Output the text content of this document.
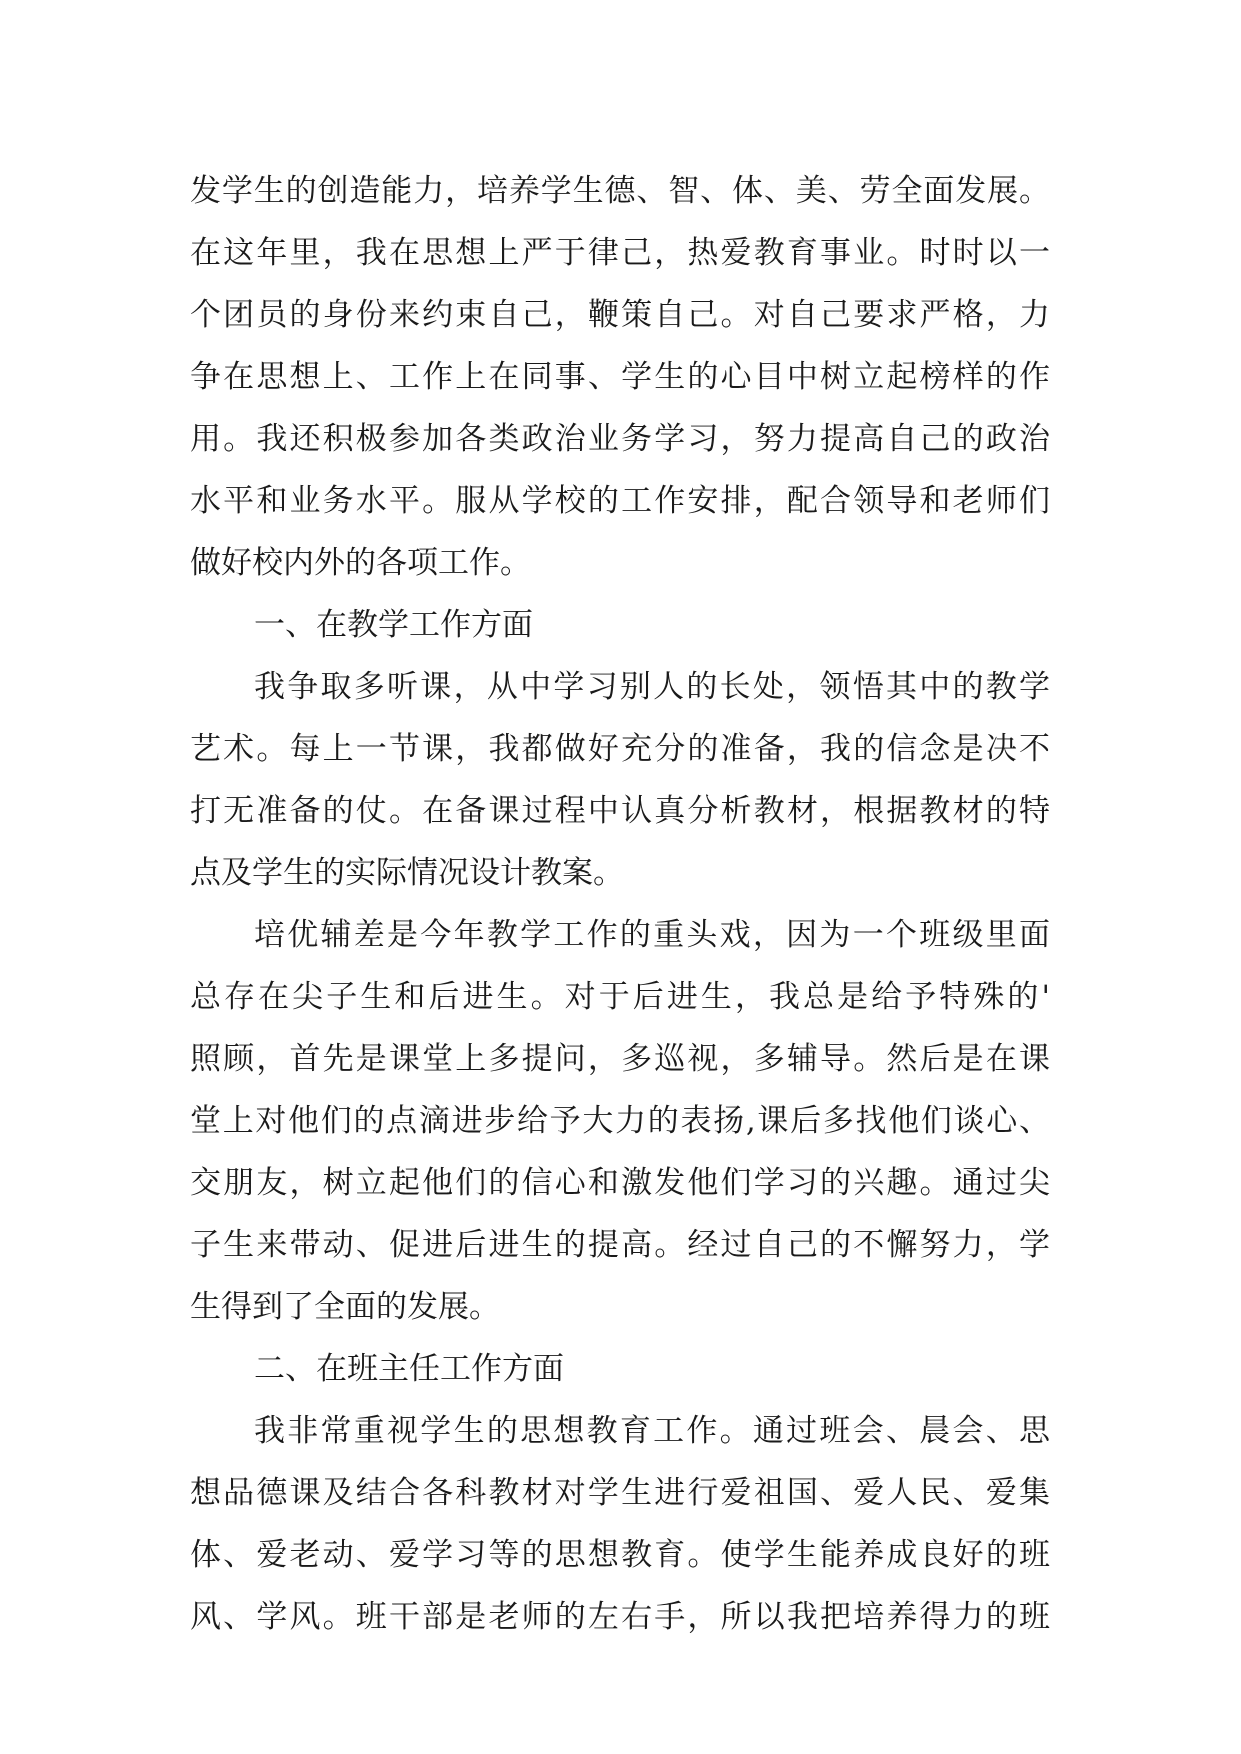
发学生的创造能力，培养学生德、智、体、美、劳全面发展。
在这年里，我在思想上严于律己，热爱教育事业。时时以一
个团员的身份来约束自己，鞭策自己。对自己要求严格，力
争在思想上、工作上在同事、学生的心目中树立起榜样的作
用。我还积极参加各类政治业务学习，努力提高自己的政治
水平和业务水平。服从学校的工作安排，配合领导和老师们
做好校内外的各项工作。
一、在教学工作方面
我争取多听课，从中学习别人的长处，领悟其中的教学
艺术。每上一节课，我都做好充分的准备，我的信念是决不
打无准备的仗。在备课过程中认真分析教材，根据教材的特
点及学生的实际情况设计教案。
培优辅差是今年教学工作的重头戏，因为一个班级里面
总存在尖子生和后进生。对于后进生，我总是给予特殊的'
照顾，首先是课堂上多提问，多巡视，多辅导。然后是在课
堂上对他们的点滴进步给予大力的表扬,课后多找他们谈心、
交朋友，树立起他们的信心和激发他们学习的兴趣。通过尖
子生来带动、促进后进生的提高。经过自己的不懈努力，学
生得到了全面的发展。
二、在班主任工作方面
我非常重视学生的思想教育工作。通过班会、晨会、思
想品德课及结合各科教材对学生进行爱祖国、爱人民、爱集
体、爱老动、爱学习等的思想教育。使学生能养成良好的班
风、学风。班干部是老师的左右手，所以我把培养得力的班
